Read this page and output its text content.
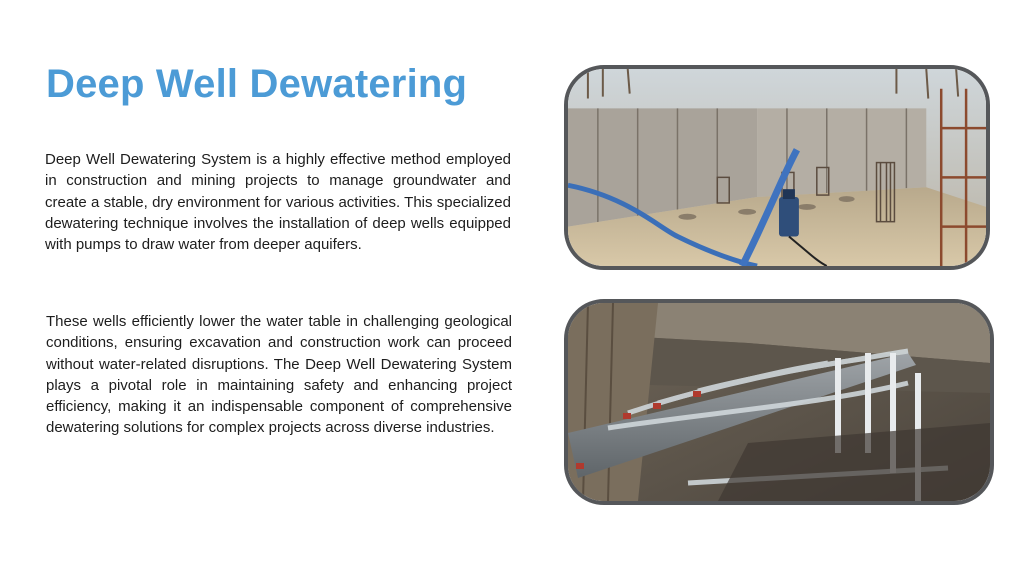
Deep Well Dewatering
Deep Well Dewatering System is a highly effective method employed in construction and mining projects to manage groundwater and create a stable, dry environment for various activities. This specialized dewatering technique involves the installation of deep wells equipped with pumps to draw water from deeper aquifers.
These wells efficiently lower the water table in challenging geological conditions, ensuring excavation and construction work can proceed without water-related disruptions. The Deep Well Dewatering System plays a pivotal role in maintaining safety and enhancing project efficiency, making it an indispensable component of comprehensive dewatering solutions for complex projects across diverse industries.
